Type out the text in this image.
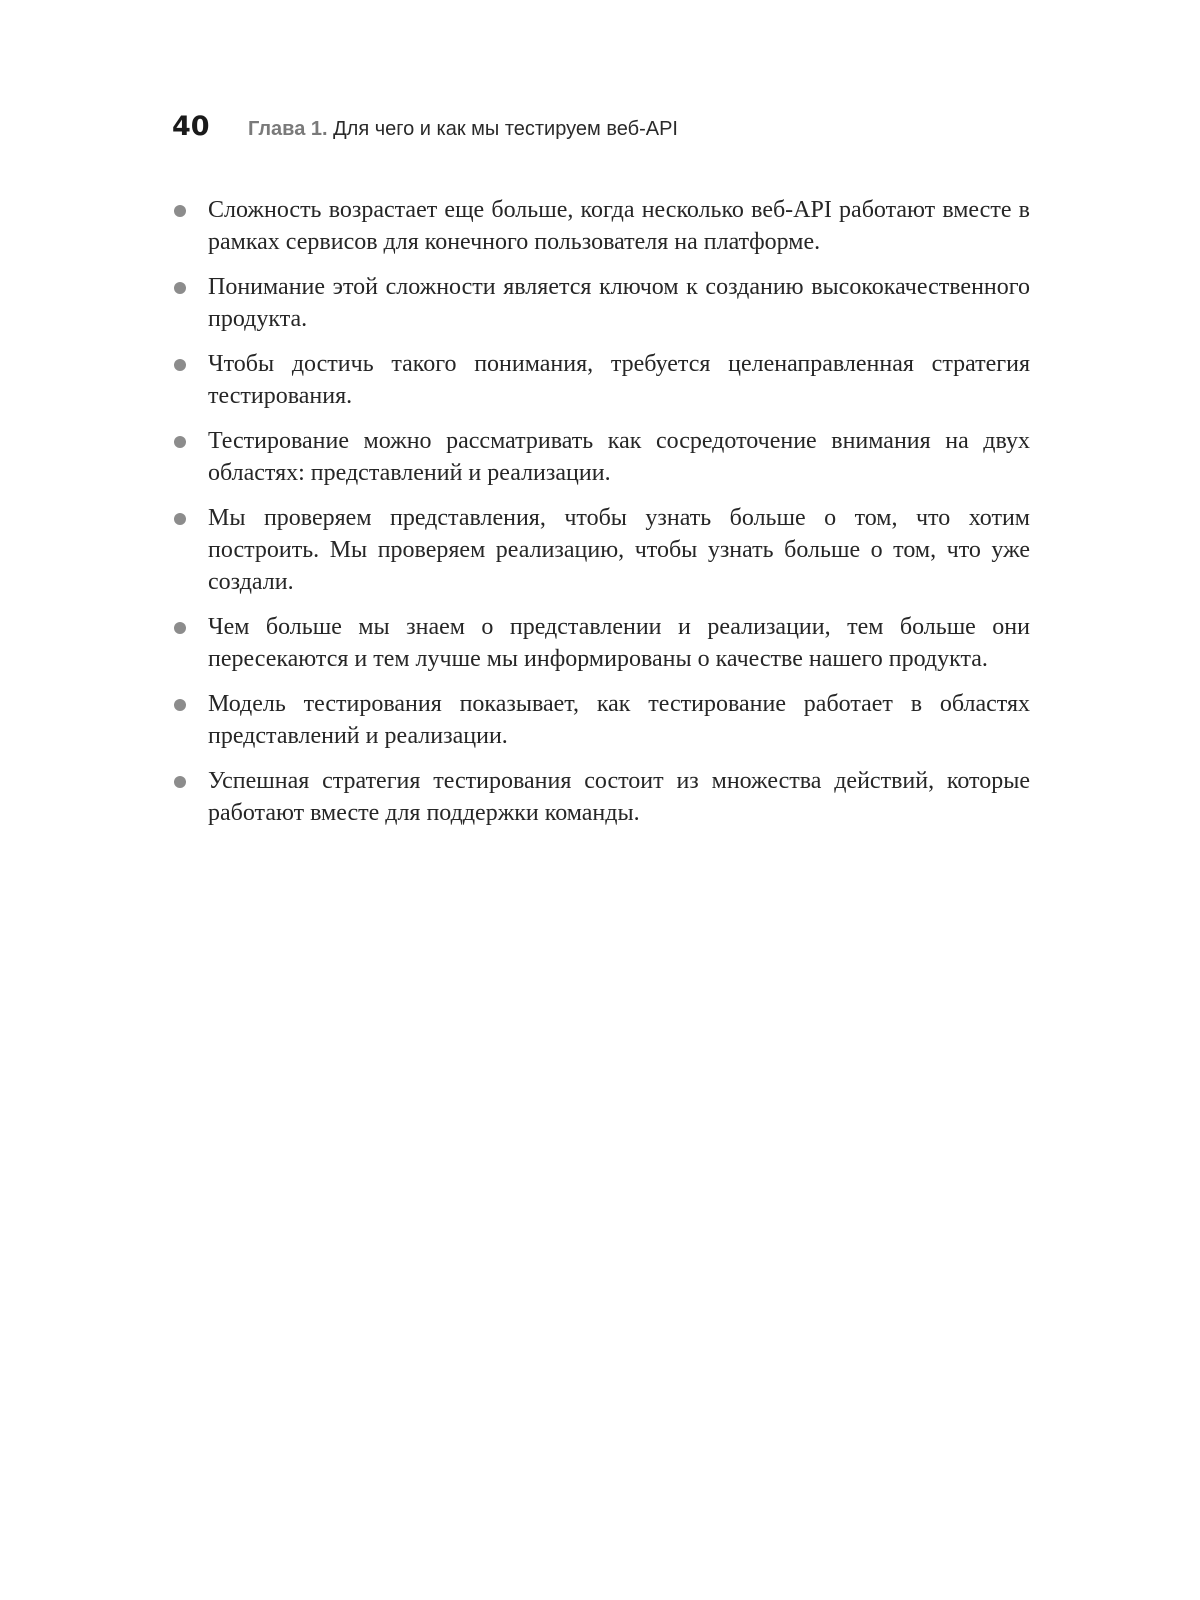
40	Глава 1. Для чего и как мы тестируем веб-API
Сложность возрастает еще больше, когда несколько веб-API работают вместе в рамках сервисов для конечного пользователя на платформе.
Понимание этой сложности является ключом к созданию высококачественного продукта.
Чтобы достичь такого понимания, требуется целенаправленная стратегия тестирования.
Тестирование можно рассматривать как сосредоточение внимания на двух областях: представлений и реализации.
Мы проверяем представления, чтобы узнать больше о том, что хотим построить. Мы проверяем реализацию, чтобы узнать больше о том, что уже создали.
Чем больше мы знаем о представлении и реализации, тем больше они пересекаются и тем лучше мы информированы о качестве нашего продукта.
Модель тестирования показывает, как тестирование работает в областях представлений и реализации.
Успешная стратегия тестирования состоит из множества действий, которые работают вместе для поддержки команды.
